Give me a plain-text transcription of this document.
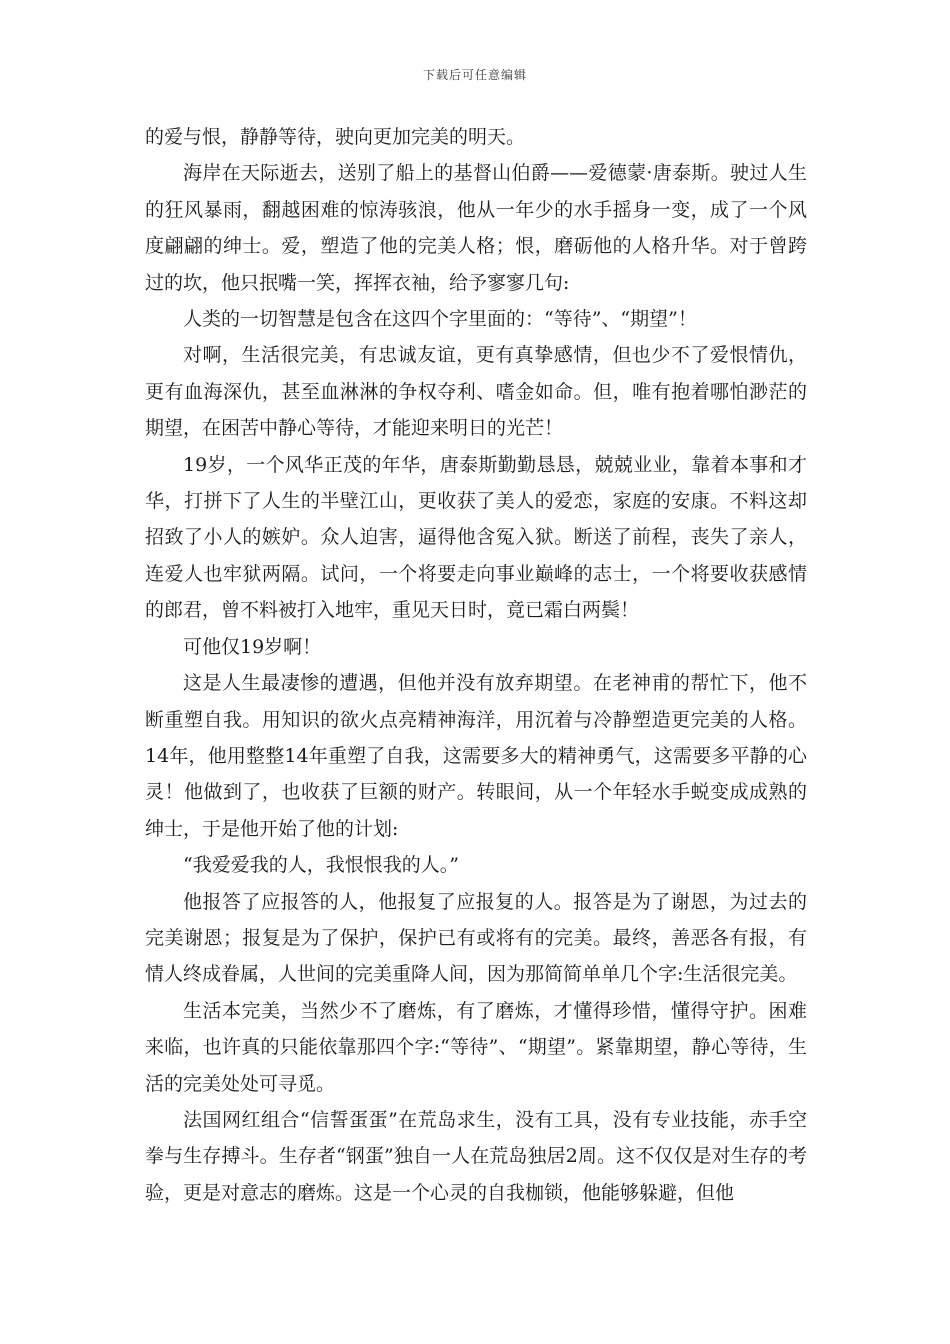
下载后可任意编辑

的爱与恨，静静等待，驶向更加完美的明天。

海岸在天际逝去，送别了船上的基督山伯爵——爱德蒙·唐泰斯。驶过人生的狂风暴雨，翻越困难的惊涛骇浪，他从一年少的水手摇身一变，成了一个风度翩翩的绅士。爱，塑造了他的完美人格；恨，磨砺他的人格升华。对于曾跨过的坎，他只抿嘴一笑，挥挥衣袖，给予寥寥几句:

人类的一切智慧是包含在这四个字里面的：“等待”、“期望”！

对啊，生活很完美，有忠诚友谊，更有真挚感情，但也少不了爱恨情仇，更有血海深仇，甚至血淋淋的争权夺利、嗜金如命。但，唯有抱着哪怕渺茫的期望，在困苦中静心等待，才能迎来明日的光芒！

19岁，一个风华正茂的年华，唐泰斯勤勤恳恳，兢兢业业，靠着本事和才华，打拼下了人生的半壁江山，更收获了美人的爱恋，家庭的安康。不料这却招致了小人的嫉妒。众人迫害，逼得他含冤入狱。断送了前程，丧失了亲人，连爱人也牢狱两隔。试问，一个将要走向事业巅峰的志士，一个将要收获感情的郎君，曾不料被打入地牢，重见天日时，竟已霜白两鬓！

可他仅19岁啊！

这是人生最凄惨的遭遇，但他并没有放弃期望。在老神甫的帮忙下，他不断重塑自我。用知识的欲火点亮精神海洋，用沉着与冷静塑造更完美的人格。14年，他用整整14年重塑了自我，这需要多大的精神勇气，这需要多平静的心灵！他做到了，也收获了巨额的财产。转眼间，从一个年轻水手蜕变成成熟的绅士，于是他开始了他的计划:

“我爱爱我的人，我恨恨我的人。”

他报答了应报答的人，他报复了应报复的人。报答是为了谢恩，为过去的完美谢恩；报复是为了保护，保护已有或将有的完美。最终，善恶各有报，有情人终成眷属，人世间的完美重降人间，因为那简简单单几个字:生活很完美。

生活本完美，当然少不了磨炼，有了磨炼，才懂得珍惜，懂得守护。困难来临，也许真的只能依靠那四个字:“等待”、“期望”。紧靠期望，静心等待，生活的完美处处可寻觅。

法国网红组合“信誓蛋蛋”在荒岛求生，没有工具，没有专业技能，赤手空拳与生存搏斗。生存者“钢蛋”独自一人在荒岛独居2周。这不仅仅是对生存的考验，更是对意志的磨炼。这是一个心灵的自我枷锁，他能够躲避，但他
